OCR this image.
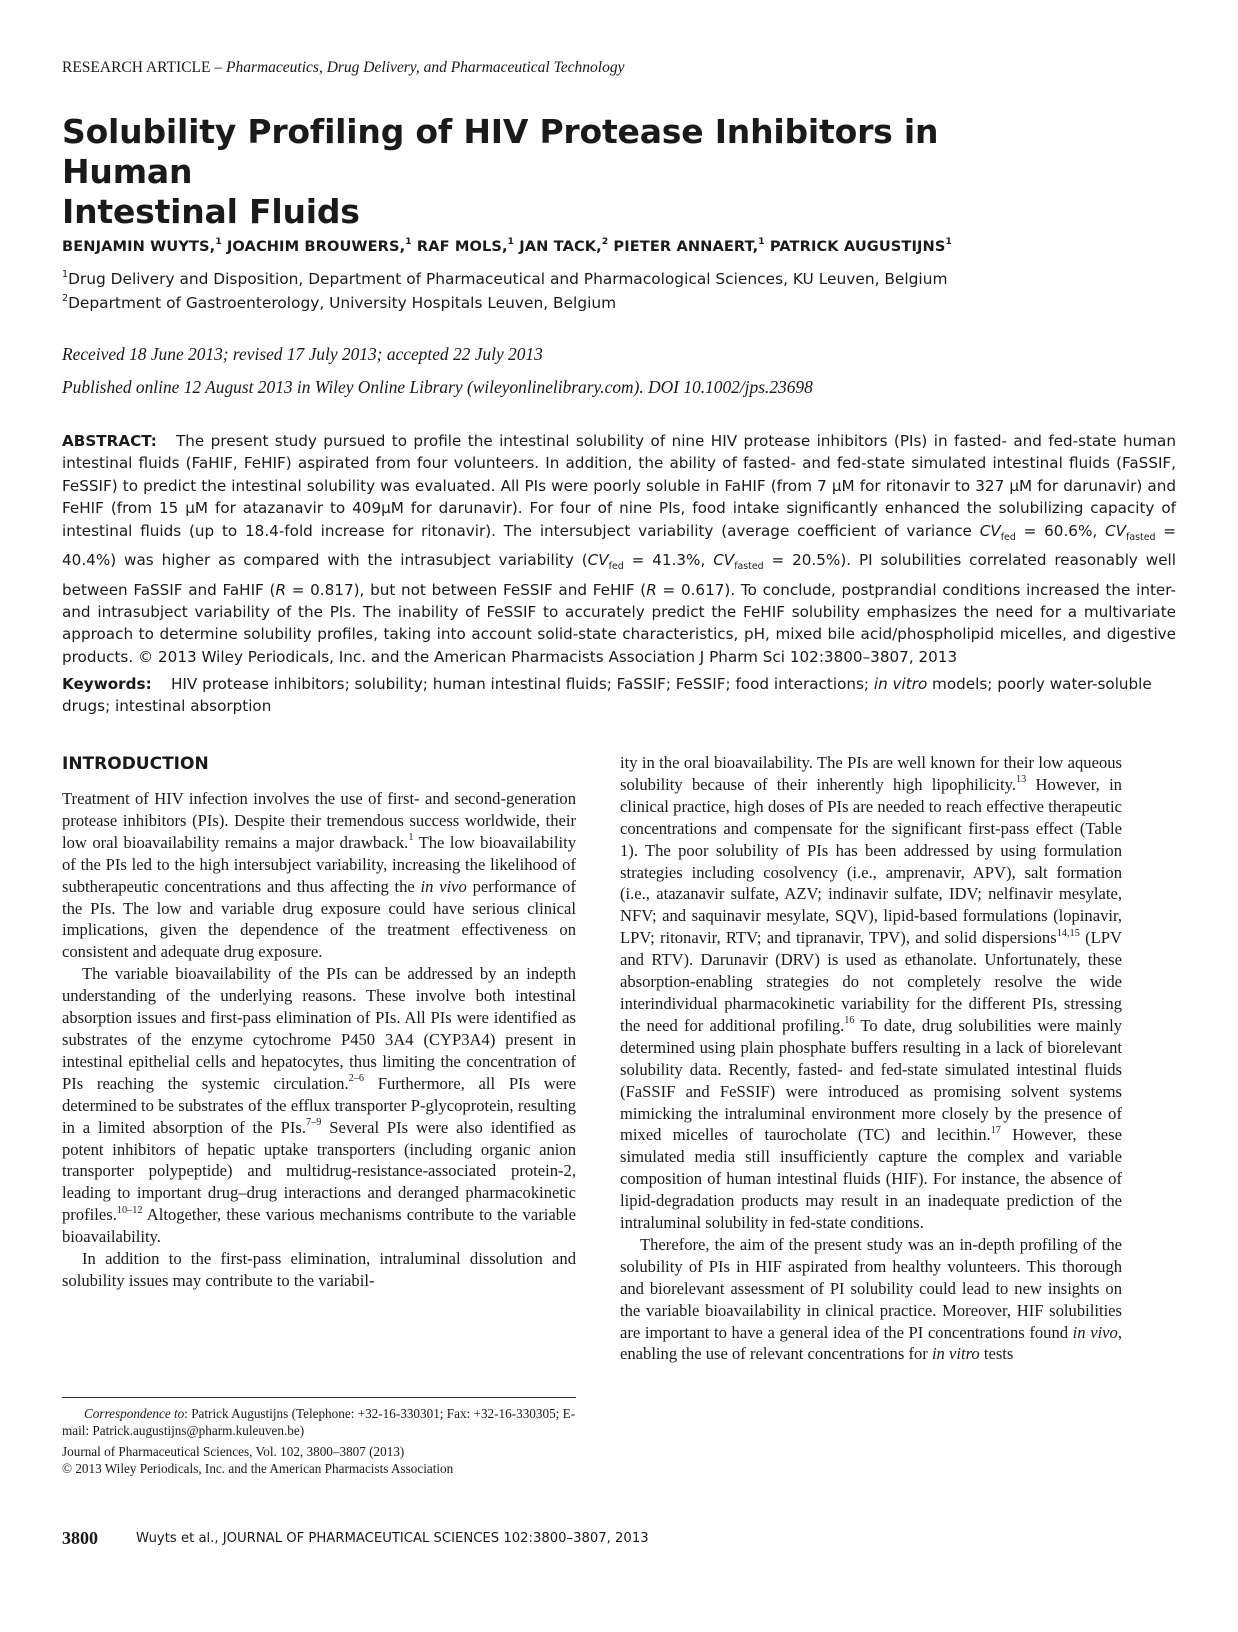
RESEARCH ARTICLE – Pharmaceutics, Drug Delivery, and Pharmaceutical Technology
Solubility Profiling of HIV Protease Inhibitors in Human
Intestinal Fluids
BENJAMIN WUYTS,$^1$ JOACHIM BROUWERS,$^1$ RAF MOLS,$^1$ JAN TACK,$^2$ PIETER ANNAERT,$^1$ PATRICK AUGUSTIJNS$^1$
$^1$Drug Delivery and Disposition, Department of Pharmaceutical and Pharmacological Sciences, KU Leuven, Belgium
$^2$Department of Gastroenterology, University Hospitals Leuven, Belgium
Received 18 June 2013; revised 17 July 2013; accepted 22 July 2013
Published online 12 August 2013 in Wiley Online Library (wileyonlinelibrary.com). DOI 10.1002/jps.23698
ABSTRACT:   The present study pursued to profile the intestinal solubility of nine HIV protease inhibitors (PIs) in fasted- and fed-state human intestinal fluids (FaHIF, FeHIF) aspirated from four volunteers. In addition, the ability of fasted- and fed-state simulated intestinal fluids (FaSSIF, FeSSIF) to predict the intestinal solubility was evaluated. All PIs were poorly soluble in FaHIF (from 7 μM for ritonavir to 327 μM for darunavir) and FeHIF (from 15 μM for atazanavir to 409μM for darunavir). For four of nine PIs, food intake significantly enhanced the solubilizing capacity of intestinal fluids (up to 18.4-fold increase for ritonavir). The intersubject variability (average coefficient of variance $CV_{fed} = 60.6\%$, $CV_{fasted} = 40.4\%$) was higher as compared with the intrasubject variability ($CV_{fed} = 41.3\%$, $CV_{fasted} = 20.5\%$). PI solubilities correlated reasonably well between FaSSIF and FaHIF (R = 0.817), but not between FeSSIF and FeHIF (R = 0.617). To conclude, postprandial conditions increased the inter- and intrasubject variability of the PIs. The inability of FeSSIF to accurately predict the FeHIF solubility emphasizes the need for a multivariate approach to determine solubility profiles, taking into account solid-state characteristics, pH, mixed bile acid/phospholipid micelles, and digestive products. © 2013 Wiley Periodicals, Inc. and the American Pharmacists Association J Pharm Sci 102:3800–3807, 2013
Keywords:    HIV protease inhibitors; solubility; human intestinal fluids; FaSSIF; FeSSIF; food interactions; in vitro models; poorly water-soluble drugs; intestinal absorption
INTRODUCTION

Treatment of HIV infection involves the use of first- and second-generation protease inhibitors (PIs). Despite their tremendous success worldwide, their low oral bioavailability remains a major drawback.$^1$ The low bioavailability of the PIs led to the high intersubject variability, increasing the likelihood of subtherapeutic concentrations and thus affecting the in vivo performance of the PIs. The low and variable drug exposure could have serious clinical implications, given the dependence of the treatment effectiveness on consistent and adequate drug exposure.

The variable bioavailability of the PIs can be addressed by an indepth understanding of the underlying reasons. These involve both intestinal absorption issues and first-pass elimination of PIs. All PIs were identified as substrates of the enzyme cytochrome P450 3A4 (CYP3A4) present in intestinal epithelial cells and hepatocytes, thus limiting the concentration of PIs reaching the systemic circulation.$^{2-6}$ Furthermore, all PIs were determined to be substrates of the efflux transporter P-glycoprotein, resulting in a limited absorption of the PIs.$^{7-9}$ Several PIs were also identified as potent inhibitors of hepatic uptake transporters (including organic anion transporter polypeptide) and multidrug-resistance-associated protein-2, leading to important drug–drug interactions and deranged pharmacokinetic profiles.$^{10-12}$ Altogether, these various mechanisms contribute to the variable bioavailability.

In addition to the first-pass elimination, intraluminal dissolution and solubility issues may contribute to the variabil-

ity in the oral bioavailability. The PIs are well known for their low aqueous solubility because of their inherently high lipophilicity.$^{13}$ However, in clinical practice, high doses of PIs are needed to reach effective therapeutic concentrations and compensate for the significant first-pass effect (Table 1). The poor solubility of PIs has been addressed by using formulation strategies including cosolvency (i.e., amprenavir, APV), salt formation (i.e., atazanavir sulfate, AZV; indinavir sulfate, IDV; nelfinavir mesylate, NFV; and saquinavir mesylate, SQV), lipid-based formulations (lopinavir, LPV; ritonavir, RTV; and tipranavir, TPV), and solid dispersions$^{14,15}$ (LPV and RTV). Darunavir (DRV) is used as ethanolate. Unfortunately, these absorption-enabling strategies do not completely resolve the wide interindividual pharmacokinetic variability for the different PIs, stressing the need for additional profiling.$^{16}$ To date, drug solubilities were mainly determined using plain phosphate buffers resulting in a lack of biorelevant solubility data. Recently, fasted- and fed-state simulated intestinal fluids (FaSSIF and FeSSIF) were introduced as promising solvent systems mimicking the intraluminal environment more closely by the presence of mixed micelles of taurocholate (TC) and lecithin.$^{17}$ However, these simulated media still insufficiently capture the complex and variable composition of human intestinal fluids (HIF). For instance, the absence of lipid-degradation products may result in an inadequate prediction of the intraluminal solubility in fed-state conditions.

Therefore, the aim of the present study was an in-depth profiling of the solubility of PIs in HIF aspirated from healthy volunteers. This thorough and biorelevant assessment of PI solubility could lead to new insights on the variable bioavailability in clinical practice. Moreover, HIF solubilities are important to have a general idea of the PI concentrations found in vivo, enabling the use of relevant concentrations for in vitro tests

Correspondence to: Patrick Augustijns (Telephone: +32-16-330301; Fax: +32-16-330305; E-mail: Patrick.augustijns@pharm.kuleuven.be)
Journal of Pharmaceutical Sciences, Vol. 102, 3800–3807 (2013)
© 2013 Wiley Periodicals, Inc. and the American Pharmacists Association
3800	Wuyts et al., JOURNAL OF PHARMACEUTICAL SCIENCES 102:3800–3807, 2013
